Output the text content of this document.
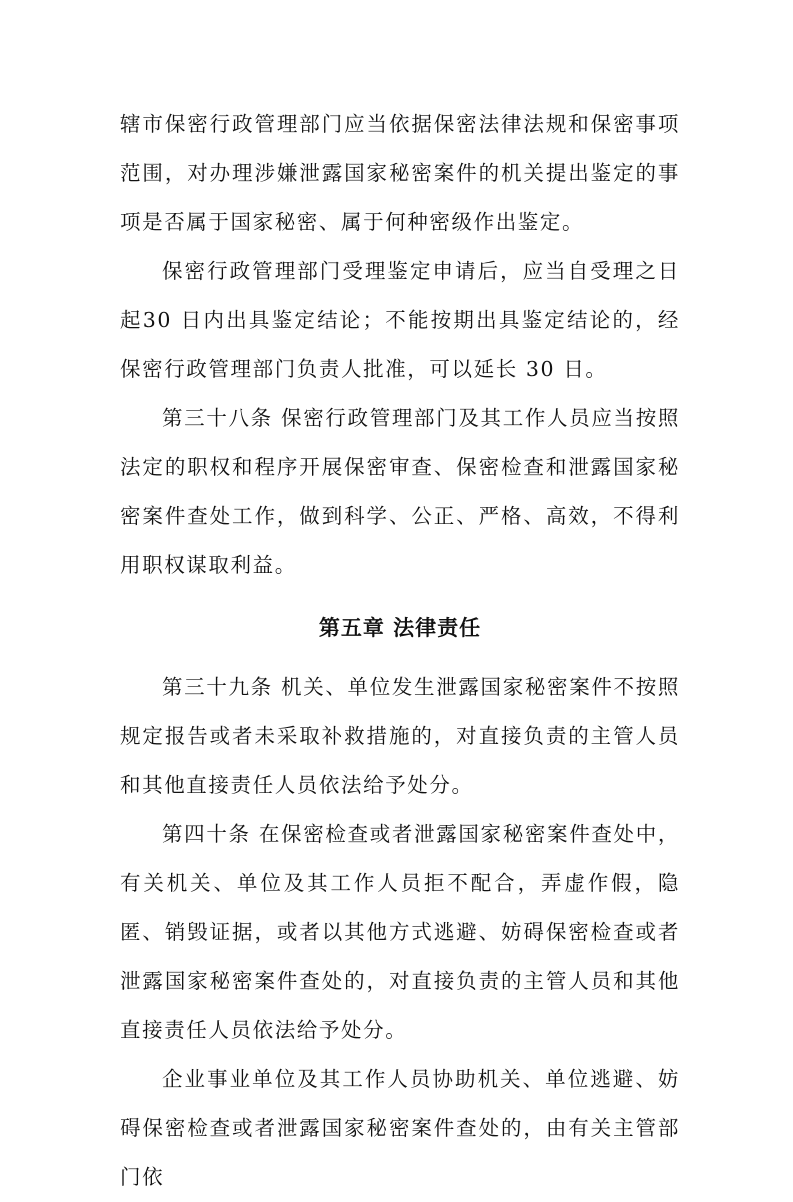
辖市保密行政管理部门应当依据保密法律法规和保密事项范围，对办理涉嫌泄露国家秘密案件的机关提出鉴定的事项是否属于国家秘密、属于何种密级作出鉴定。

保密行政管理部门受理鉴定申请后，应当自受理之日起30 日内出具鉴定结论；不能按期出具鉴定结论的，经保密行政管理部门负责人批准，可以延长 30 日。

第三十八条 保密行政管理部门及其工作人员应当按照法定的职权和程序开展保密审查、保密检查和泄露国家秘密案件查处工作，做到科学、公正、严格、高效，不得利用职权谋取利益。

第五章 法律责任

第三十九条 机关、单位发生泄露国家秘密案件不按照规定报告或者未采取补救措施的，对直接负责的主管人员和其他直接责任人员依法给予处分。

第四十条 在保密检查或者泄露国家秘密案件查处中，有关机关、单位及其工作人员拒不配合，弄虚作假，隐匿、销毁证据，或者以其他方式逃避、妨碍保密检查或者泄露国家秘密案件查处的，对直接负责的主管人员和其他直接责任人员依法给予处分。

企业事业单位及其工作人员协助机关、单位逃避、妨碍保密检查或者泄露国家秘密案件查处的，由有关主管部门依
